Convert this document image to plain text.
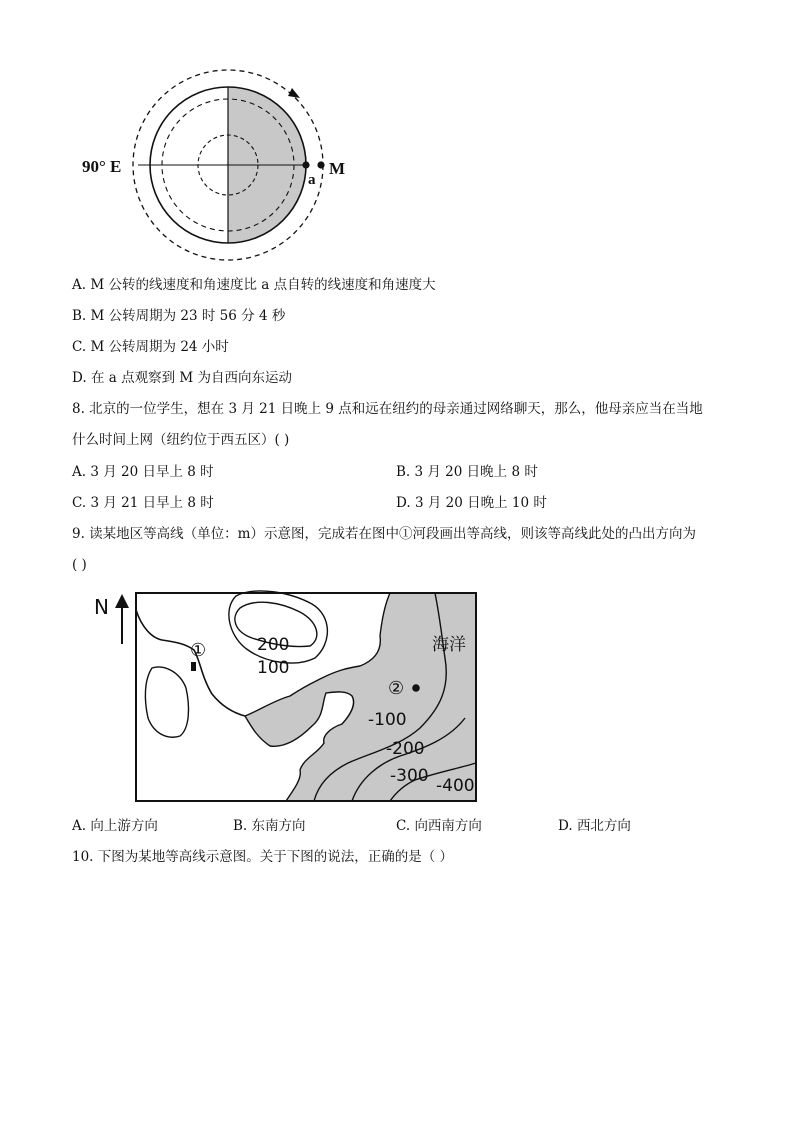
90° E
a
M
A. M 公转的线速度和角速度比 a 点自转的线速度和角速度大
B. M 公转周期为 23 时 56 分 4 秒
C. M 公转周期为 24 小时
D. 在 a 点观察到 M 为自西向东运动
8. 北京的一位学生，想在 3 月 21 日晚上 9 点和远在纽约的母亲通过网络聊天，那么，他母亲应当在当地
什么时间上网（纽约位于西五区）( )
A. 3 月 20 日早上 8 时	B. 3 月 20 日晚上 8 时
C. 3 月 21 日早上 8 时	D. 3 月 20 日晚上 10 时
9. 读某地区等高线（单位：m）示意图，完成若在图中①河段画出等高线，则该等高线此处的凸出方向为
( )
N
200
100
海洋
-100
-200
-300 -400
①
②
A. 向上游方向	B. 东南方向	C. 向西南方向	D. 西北方向
10. 下图为某地等高线示意图。关于下图的说法，正确的是（ ）
